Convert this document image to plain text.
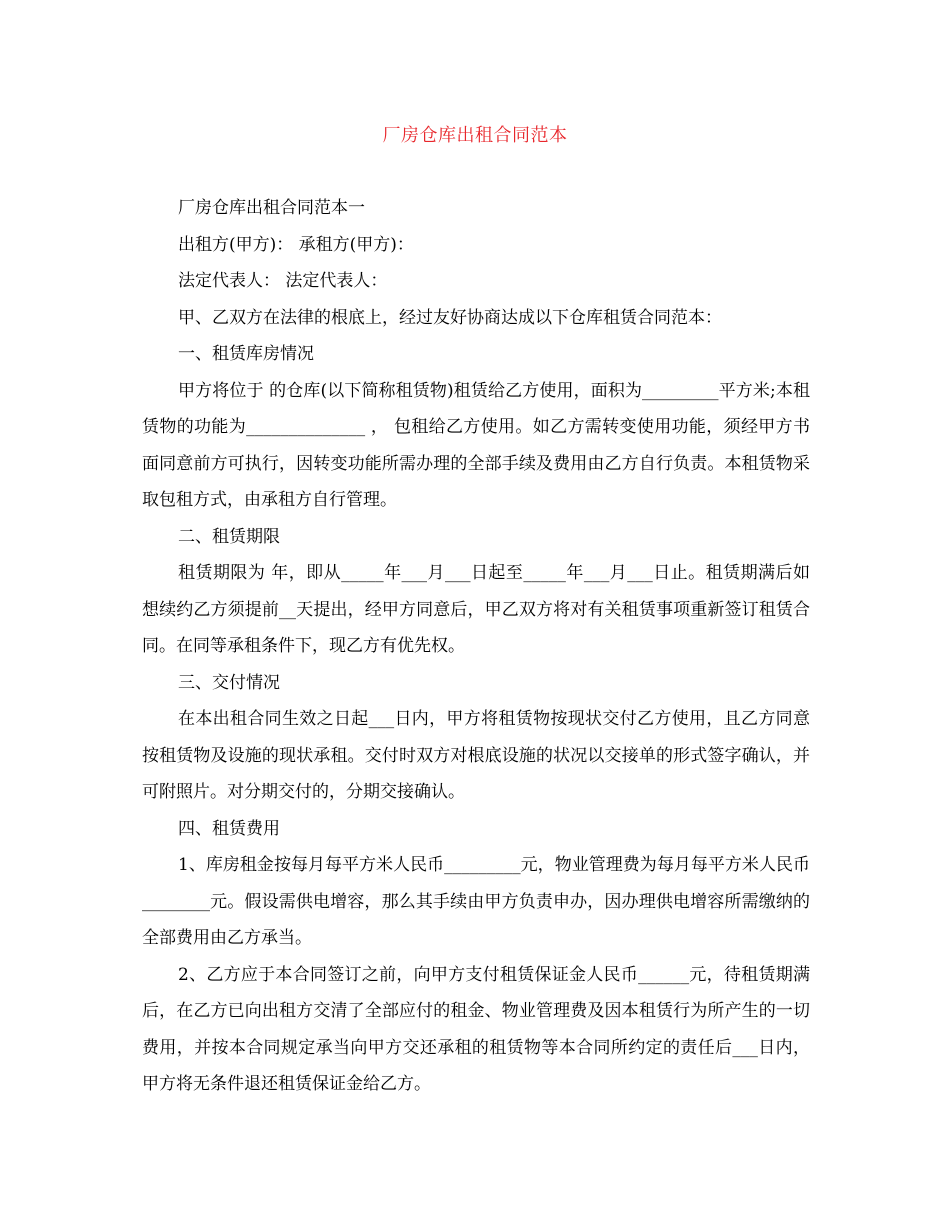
厂房仓库出租合同范本

厂房仓库出租合同范本一

出租方(甲方)： 承租方(甲方)：

法定代表人： 法定代表人：

甲、乙双方在法律的根底上，经过友好协商达成以下仓库租赁合同范本：

一、租赁库房情况

甲方将位于 的仓库(以下简称租赁物)租赁给乙方使用，面积为_________平方米;本租赁物的功能为______________ ， 包租给乙方使用。如乙方需转变使用功能，须经甲方书面同意前方可执行，因转变功能所需办理的全部手续及费用由乙方自行负责。本租赁物采取包租方式，由承租方自行管理。

二、租赁期限

租赁期限为 年，即从_____年___月___日起至_____年___月___日止。租赁期满后如想续约乙方须提前__天提出，经甲方同意后，甲乙双方将对有关租赁事项重新签订租赁合同。在同等承租条件下，现乙方有优先权。

三、交付情况

在本出租合同生效之日起___日内，甲方将租赁物按现状交付乙方使用，且乙方同意按租赁物及设施的现状承租。交付时双方对根底设施的状况以交接单的形式签字确认，并可附照片。对分期交付的，分期交接确认。

四、租赁费用

1、库房租金按每月每平方米人民币_________元，物业管理费为每月每平方米人民币________元。假设需供电增容，那么其手续由甲方负责申办，因办理供电增容所需缴纳的全部费用由乙方承当。

2、乙方应于本合同签订之前，向甲方支付租赁保证金人民币______元，待租赁期满后，在乙方已向出租方交清了全部应付的租金、物业管理费及因本租赁行为所产生的一切费用，并按本合同规定承当向甲方交还承租的租赁物等本合同所约定的责任后___日内，甲方将无条件退还租赁保证金给乙方。
